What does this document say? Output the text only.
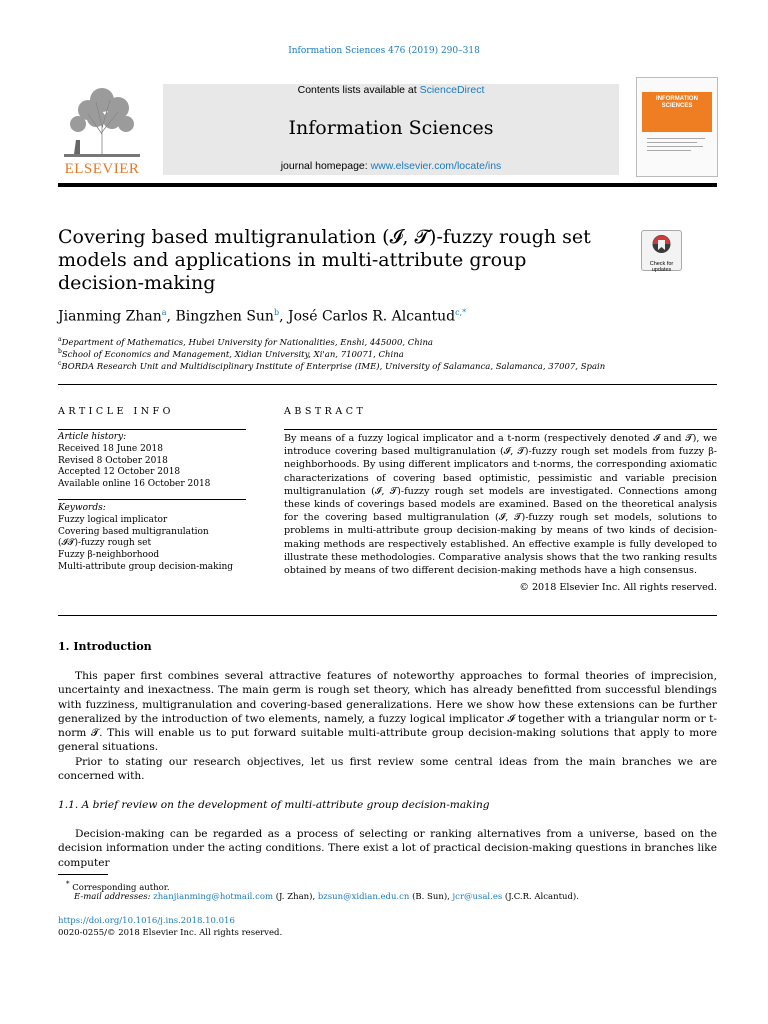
Information Sciences 476 (2019) 290–318
ELSEVIER
Contents lists available at ScienceDirect
Information Sciences
journal homepage: www.elsevier.com/locate/ins
INFORMATION SCIENCES
Covering based multigranulation (𝓘, 𝓣)-fuzzy rough set models and applications in multi-attribute group decision-making
Check for updates
Jianming Zhan$^a$, Bingzhen Sun$^b$, José Carlos R. Alcantud$^{c,*}$
$^a$Department of Mathematics, Hubei University for Nationalities, Enshi, 445000, China
$^b$School of Economics and Management, Xidian University, Xi'an, 710071, China
$^c$BORDA Research Unit and Multidisciplinary Institute of Enterprise (IME), University of Salamanca, Salamanca, 37007, Spain
ARTICLE INFO
Article history:
Received 18 June 2018
Revised 8 October 2018
Accepted 12 October 2018
Available online 16 October 2018
Keywords:
Fuzzy logical implicator
Covering based multigranulation
(𝓘𝓣)-fuzzy rough set
Fuzzy β-neighborhood
Multi-attribute group decision-making
ABSTRACT
By means of a fuzzy logical implicator and a t-norm (respectively denoted 𝓘 and 𝓣), we introduce covering based multigranulation (𝓘, 𝓣)-fuzzy rough set models from fuzzy β-neighborhoods. By using different implicators and t-norms, the corresponding axiomatic characterizations of covering based optimistic, pessimistic and variable precision multigranulation (𝓘, 𝓣)-fuzzy rough set models are investigated. Connections among these kinds of coverings based models are examined. Based on the theoretical analysis for the covering based multigranulation (𝓘, 𝓣)-fuzzy rough set models, solutions to problems in multi-attribute group decision-making by means of two kinds of decision-making methods are respectively established. An effective example is fully developed to illustrate these methodologies. Comparative analysis shows that the two ranking results obtained by means of two different decision-making methods have a high consensus.
© 2018 Elsevier Inc. All rights reserved.
1. Introduction

This paper first combines several attractive features of noteworthy approaches to formal theories of imprecision, uncertainty and inexactness. The main germ is rough set theory, which has already benefitted from successful blendings with fuzziness, multigranulation and covering-based generalizations. Here we show how these extensions can be further generalized by the introduction of two elements, namely, a fuzzy logical implicator 𝓘 together with a triangular norm or t-norm 𝓣. This will enable us to put forward suitable multi-attribute group decision-making solutions that apply to more general situations.

Prior to stating our research objectives, let us first review some central ideas from the main branches we are concerned with.

1.1. A brief review on the development of multi-attribute group decision-making

Decision-making can be regarded as a process of selecting or ranking alternatives from a universe, based on the decision information under the acting conditions. There exist a lot of practical decision-making questions in branches like computer

* Corresponding author.
E-mail addresses: zhanjianming@hotmail.com (J. Zhan), bzsun@xidian.edu.cn (B. Sun), jcr@usal.es (J.C.R. Alcantud).
https://doi.org/10.1016/j.ins.2018.10.016
0020-0255/© 2018 Elsevier Inc. All rights reserved.
